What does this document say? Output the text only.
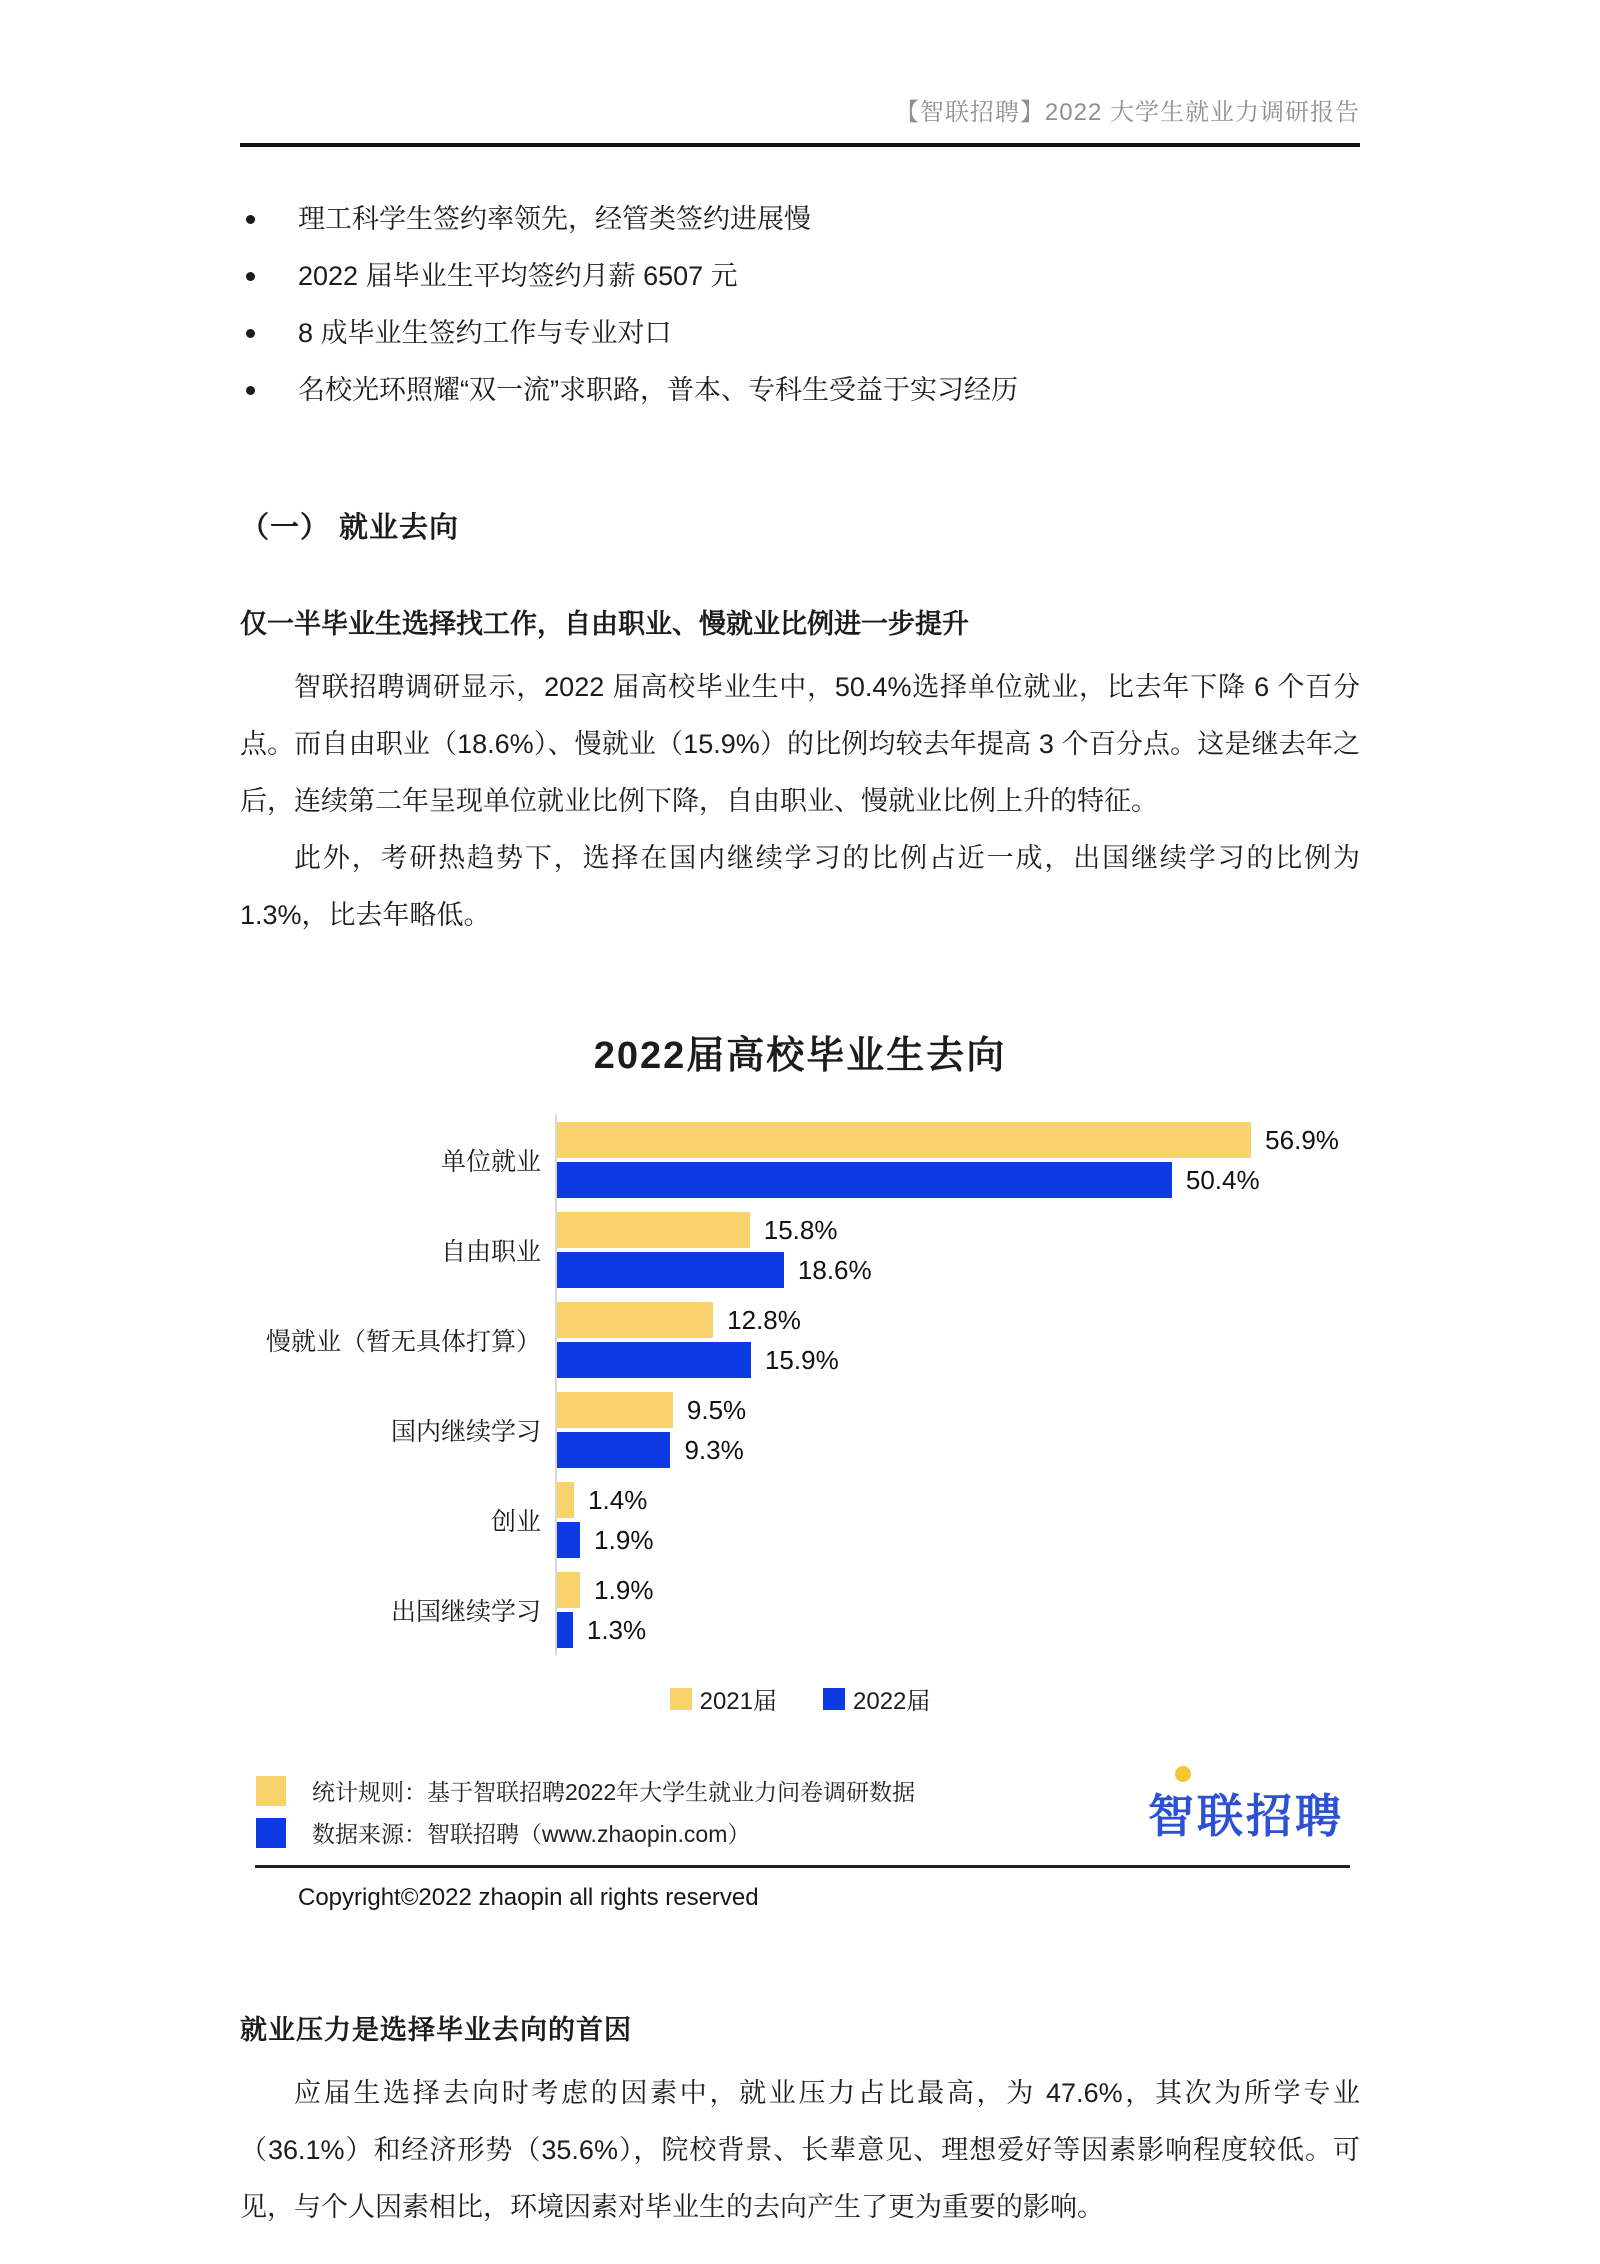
【智联招聘】2022 大学生就业力调研报告
理工科学生签约率领先，经管类签约进展慢
2022 届毕业生平均签约月薪 6507 元
8 成毕业生签约工作与专业对口
名校光环照耀“双一流”求职路，普本、专科生受益于实习经历
（一） 就业去向
仅一半毕业生选择找工作，自由职业、慢就业比例进一步提升

智联招聘调研显示，2022 届高校毕业生中，50.4%选择单位就业，比去年下降 6 个百分点。而自由职业（18.6%）、慢就业（15.9%）的比例均较去年提高 3 个百分点。这是继去年之后，连续第二年呈现单位就业比例下降，自由职业、慢就业比例上升的特征。

此外，考研热趋势下，选择在国内继续学习的比例占近一成，出国继续学习的比例为 1.3%，比去年略低。

2022届高校毕业生去向
单位就业
56.9%
50.4%
自由职业
15.8%
18.6%
慢就业（暂无具体打算）
12.8%
15.9%
国内继续学习
9.5%
9.3%
创业
1.4%
1.9%
出国继续学习
1.9%
1.3%
2021届	2022届
统计规则：基于智联招聘2022年大学生就业力问卷调研数据
数据来源：智联招聘（www.zhaopin.com）	智联招聘
Copyright©2022 zhaopin all rights reserved
就业压力是选择毕业去向的首因

应届生选择去向时考虑的因素中，就业压力占比最高，为 47.6%，其次为所学专业（36.1%）和经济形势（35.6%），院校背景、长辈意见、理想爱好等因素影响程度较低。可见，与个人因素相比，环境因素对毕业生的去向产生了更为重要的影响。
